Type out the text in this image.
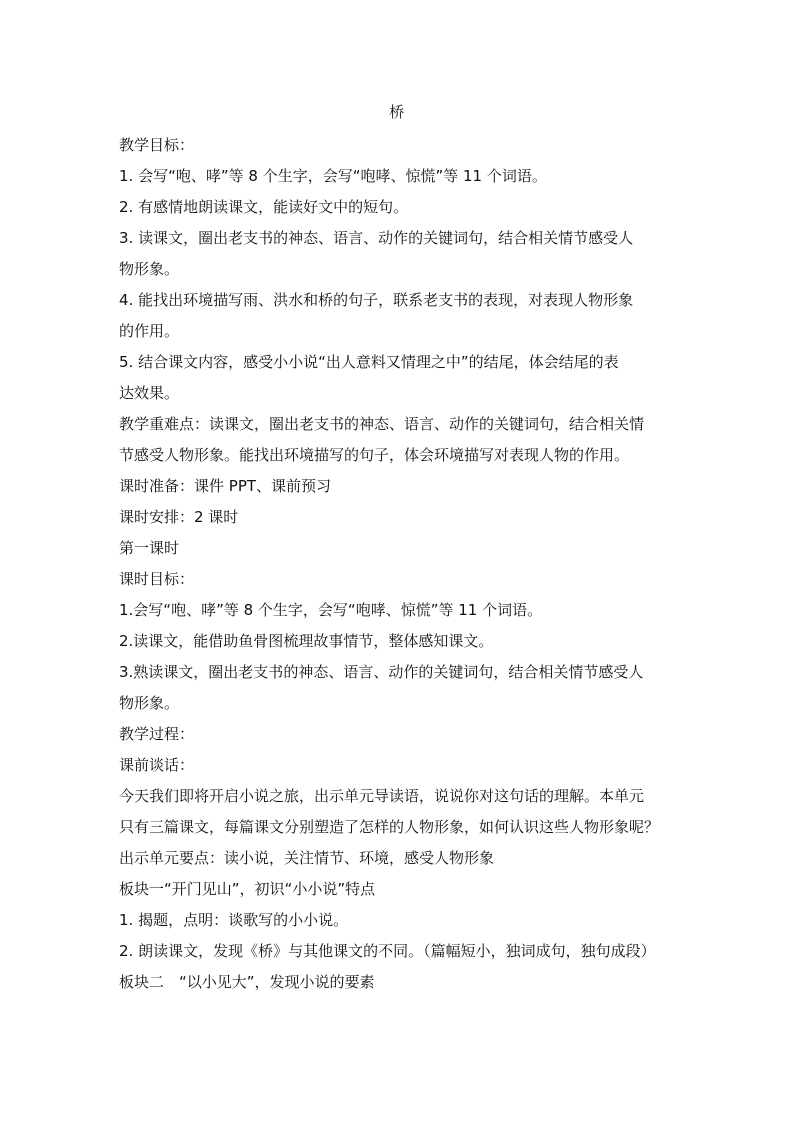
桥
教学目标：
1. 会写“咆、哮”等 8 个生字，会写“咆哮、惊慌”等 11 个词语。
2. 有感情地朗读课文，能读好文中的短句。
3. 读课文，圈出老支书的神态、语言、动作的关键词句，结合相关情节感受人
物形象。
4. 能找出环境描写雨、洪水和桥的句子，联系老支书的表现，对表现人物形象
的作用。
5. 结合课文内容，感受小小说“出人意料又情理之中”的结尾，体会结尾的表
达效果。
教学重难点：读课文，圈出老支书的神态、语言、动作的关键词句，结合相关情
节感受人物形象。能找出环境描写的句子，体会环境描写对表现人物的作用。
课时准备：课件 PPT、课前预习
课时安排：2 课时
第一课时
课时目标：
1.会写“咆、哮”等 8 个生字，会写“咆哮、惊慌”等 11 个词语。
2.读课文，能借助鱼骨图梳理故事情节，整体感知课文。
3.熟读课文，圈出老支书的神态、语言、动作的关键词句，结合相关情节感受人
物形象。
教学过程：
课前谈话：
今天我们即将开启小说之旅，出示单元导读语，说说你对这句话的理解。本单元
只有三篇课文，每篇课文分别塑造了怎样的人物形象，如何认识这些人物形象呢？
出示单元要点：读小说，关注情节、环境，感受人物形象
板块一“开门见山”，初识“小小说”特点
1. 揭题，点明：谈歌写的小小说。
2. 朗读课文，发现《桥》与其他课文的不同。（篇幅短小，独词成句，独句成段）
板块二　“以小见大”，发现小说的要素
